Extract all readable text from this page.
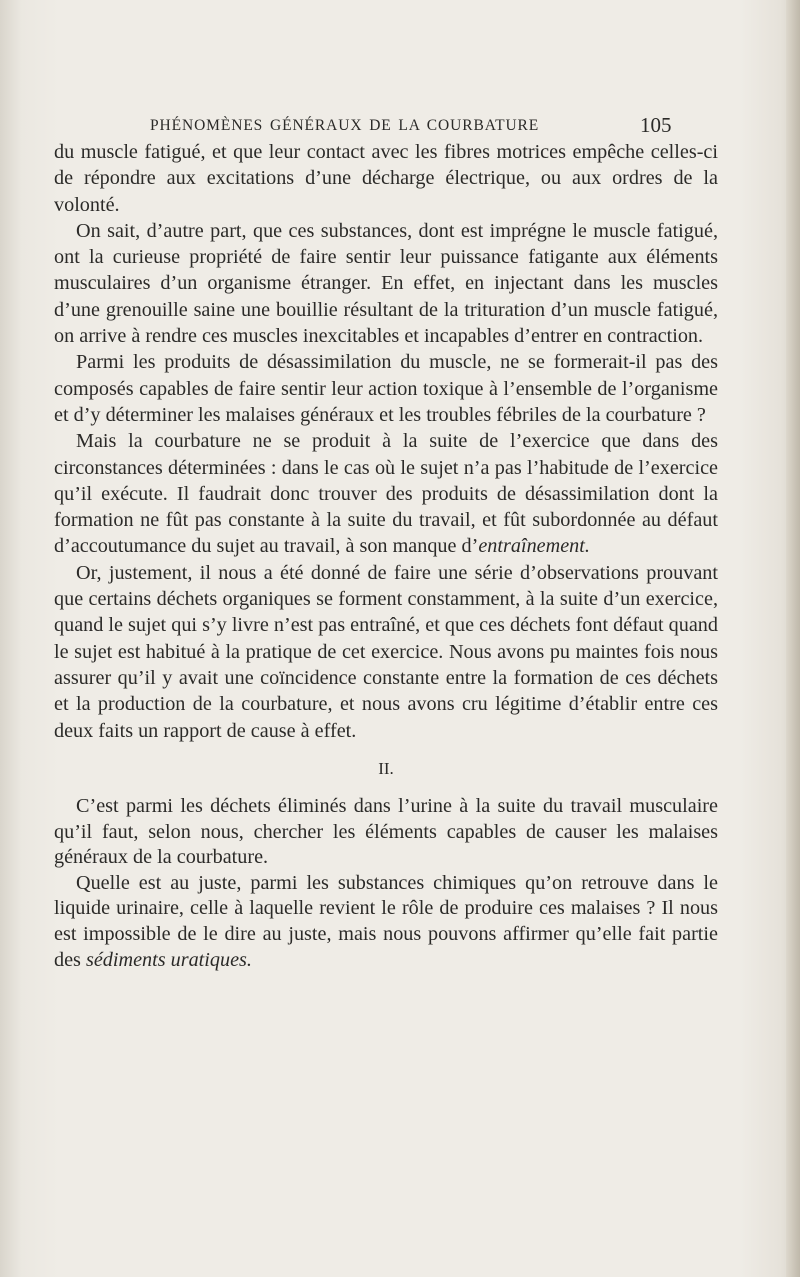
PHÉNOMÈNES GÉNÉRAUX DE LA COURBATURE	105

du muscle fatigué, et que leur contact avec les fibres motrices empêche celles-ci de répondre aux excitations d’une décharge électrique, ou aux ordres de la volonté.

On sait, d’autre part, que ces substances, dont est imprégne le muscle fatigué, ont la curieuse propriété de faire sentir leur puissance fatigante aux éléments musculaires d’un organisme étranger. En effet, en injectant dans les muscles d’une grenouille saine une bouillie résultant de la trituration d’un muscle fatigué, on arrive à rendre ces muscles inexcitables et incapables d’entrer en contraction.

Parmi les produits de désassimilation du muscle, ne se formerait-il pas des composés capables de faire sentir leur action toxique à l’ensemble de l’organisme et d’y déterminer les malaises généraux et les troubles fébriles de la courbature ?

Mais la courbature ne se produit à la suite de l’exercice que dans des circonstances déterminées : dans le cas où le sujet n’a pas l’habitude de l’exercice qu’il exécute. Il faudrait donc trouver des produits de désassimilation dont la formation ne fût pas constante à la suite du travail, et fût subordonnée au défaut d’accoutumance du sujet au travail, à son manque d’entraînement.

Or, justement, il nous a été donné de faire une série d’observations prouvant que certains déchets organiques se forment constamment, à la suite d’un exercice, quand le sujet qui s’y livre n’est pas entraîné, et que ces déchets font défaut quand le sujet est habitué à la pratique de cet exercice. Nous avons pu maintes fois nous assurer qu’il y avait une coïncidence constante entre la formation de ces déchets et la production de la courbature, et nous avons cru légitime d’établir entre ces deux faits un rapport de cause à effet.

II.

C’est parmi les déchets éliminés dans l’urine à la suite du travail musculaire qu’il faut, selon nous, chercher les éléments capables de causer les malaises généraux de la courbature.

Quelle est au juste, parmi les substances chimiques qu’on retrouve dans le liquide urinaire, celle à laquelle revient le rôle de produire ces malaises ? Il nous est impossible de le dire au juste, mais nous pouvons affirmer qu’elle fait partie des sédiments uratiques.
